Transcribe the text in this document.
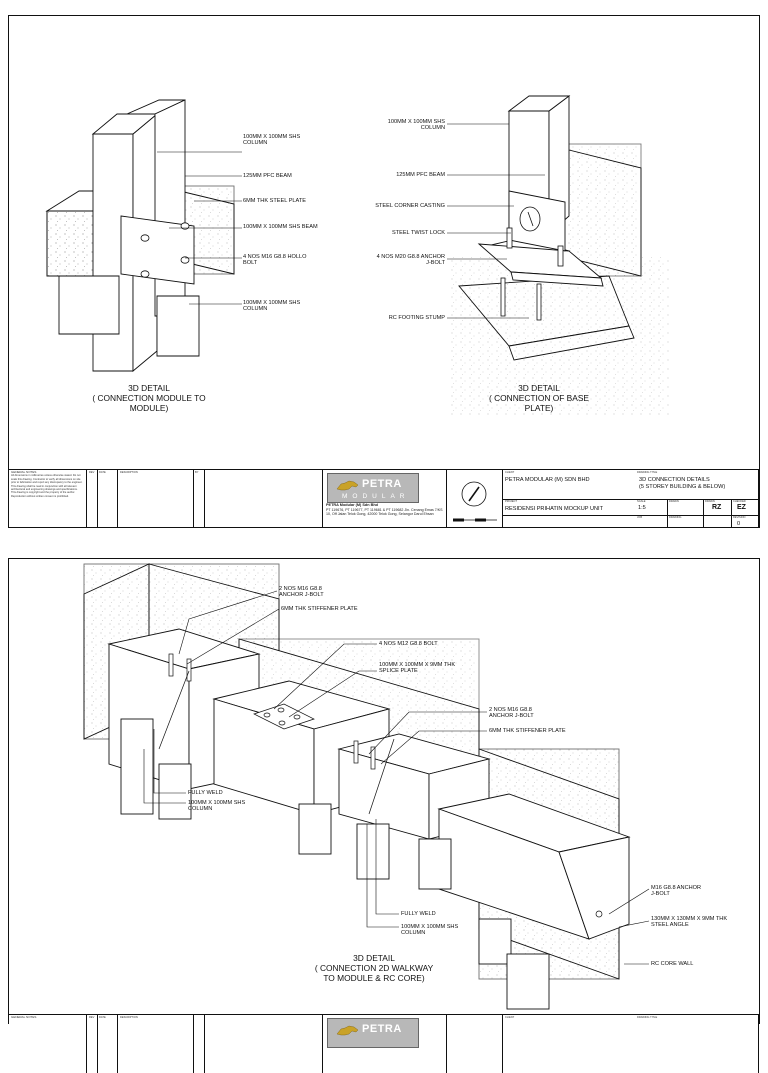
100MM X 100MM SHS
COLUMN
125MM PFC BEAM
6MM THK STEEL PLATE
100MM X 100MM SHS BEAM
4 NOS M16 G8.8 HOLLO
BOLT
100MM X 100MM SHS
COLUMN
100MM X 100MM SHS
COLUMN
125MM PFC BEAM
STEEL CORNER CASTING
STEEL TWIST LOCK
4 NOS M20 G8.8 ANCHOR
J-BOLT
RC FOOTING STUMP
3D DETAIL
( CONNECTION MODULE TO
MODULE)
3D DETAIL
( CONNECTION OF BASE
PLATE)
GENERAL NOTES
All dimensions in millimetres unless otherwise stated. Do not scale this drawing. Contractor to verify all dimensions on site prior to fabrication and report any discrepancy to the engineer. This drawing shall be read in conjunction with all relevant architectural and engineering drawings and specifications.
This drawing is copyright and the property of the author. Reproduction without written consent is prohibited.
REV DATE	DESCRIPTION	BY
PETRA
MODULAR
PETRA Modular (M) Sdn Bhd
PT 119676, PT 119677, PT 119681 & PT 119682 Jln. Cenang Emas 7/KS 10, Off Jalan Telok Gong, 42000 Telok Gong, Selangor Darul Ehsan
CLIENT
PETRA MODULAR (M) SDN BHD
PROJECT
RESIDENSI PRIHATIN MOCKUP UNIT
DRAWING TITLE
3D CONNECTION DETAILS
(5 STOREY BUILDING & BELOW)
SCALE
1:5
DRAWN	DRAWN
RZ
CHECKED
EZ
JOB	DRAWING	REVISION
0
2 NOS M16 G8.8
ANCHOR J-BOLT
6MM THK STIFFENER PLATE
4 NOS M12 G8.8 BOLT
100MM X 100MM X 9MM THK
SPLICE PLATE
2 NOS M16 G8.8
ANCHOR J-BOLT
6MM THK STIFFENER PLATE
FULLY WELD
100MM X 100MM SHS
COLUMN
FULLY WELD
100MM X 100MM SHS
COLUMN
M16 G8.8 ANCHOR
J-BOLT
130MM X 130MM X 9MM THK
STEEL ANGLE
RC CORE WALL
3D DETAIL
( CONNECTION 2D WALKWAY
TO MODULE & RC CORE)
GENERAL NOTES	REV DATE	DESCRIPTION
PETRA
CLIENT	DRAWING TITLE
